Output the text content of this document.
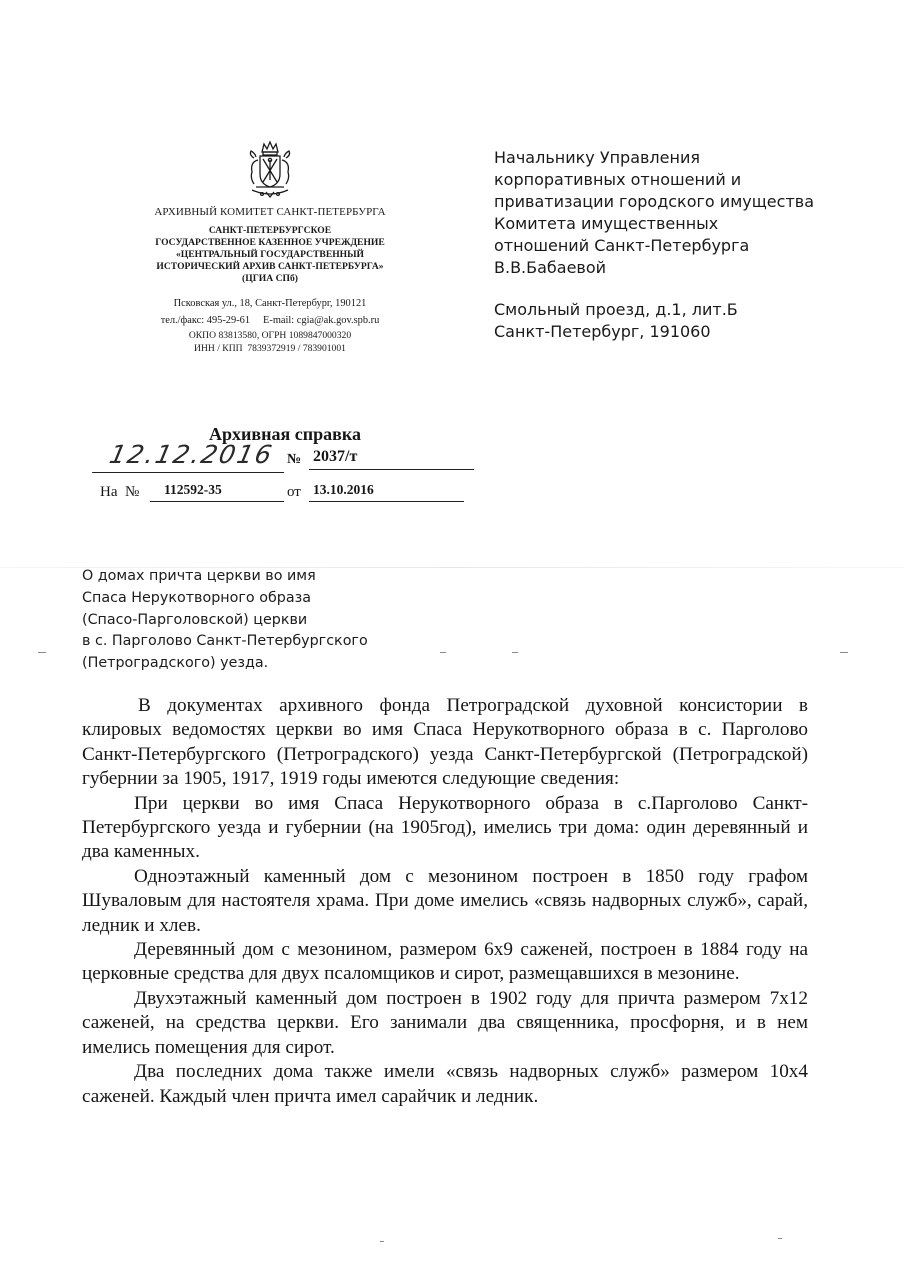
АРХИВНЫЙ КОМИТЕТ САНКТ-ПЕТЕРБУРГА
САНКТ-ПЕТЕРБУРГСКОЕ
ГОСУДАРСТВЕННОЕ КАЗЕННОЕ УЧРЕЖДЕНИЕ
«ЦЕНТРАЛЬНЫЙ ГОСУДАРСТВЕННЫЙ
ИСТОРИЧЕСКИЙ АРХИВ САНКТ-ПЕТЕРБУРГА»
(ЦГИА СПб)
Псковская ул., 18, Санкт-Петербург, 190121
тел./факс: 495-29-61     E-mail: cgia@ak.gov.spb.ru
ОКПО 83813580, ОГРН 1089847000320
ИНН / КПП  7839372919 / 783901001
Начальнику Управления
корпоративных отношений и
приватизации городского имущества
Комитета имущественных
отношений Санкт-Петербурга
В.В.Бабаевой
Смольный проезд, д.1, лит.Б
Санкт-Петербург, 191060
Архивная справка
12.12.2016 № 2037/т
На  №	112592-35	от 13.10.2016
О домах причта церкви во имя
Спаса Нерукотворного образа
(Спасо-Парголовской) церкви
в с. Парголово Санкт-Петербургского
(Петроградского) уезда.

В документах архивного фонда Петроградской духовной консистории в клировых ведомостях церкви во имя Спаса Нерукотворного образа в с. Парголово Санкт-Петербургского (Петроградского) уезда Санкт-Петербургской (Петроградской) губернии за 1905, 1917, 1919 годы имеются следующие сведения:

При церкви во имя Спаса Нерукотворного образа в с.Парголово Санкт-Петербургского уезда и губернии (на 1905год), имелись три дома: один деревянный и два каменных.

Одноэтажный каменный дом с мезонином построен в 1850 году графом Шуваловым для настоятеля храма. При доме имелись «связь надворных служб», сарай, ледник и хлев.

Деревянный дом с мезонином, размером 6х9 саженей, построен в 1884 году на церковные средства для двух псаломщиков и сирот, размещавшихся в мезонине.

Двухэтажный каменный дом построен в 1902 году для причта размером 7х12 саженей, на средства церкви. Его занимали два священника, просфорня, и в нем имелись помещения для сирот.

Два последних дома также имели «связь надворных служб» размером 10х4 саженей. Каждый член причта имел сарайчик и ледник.
